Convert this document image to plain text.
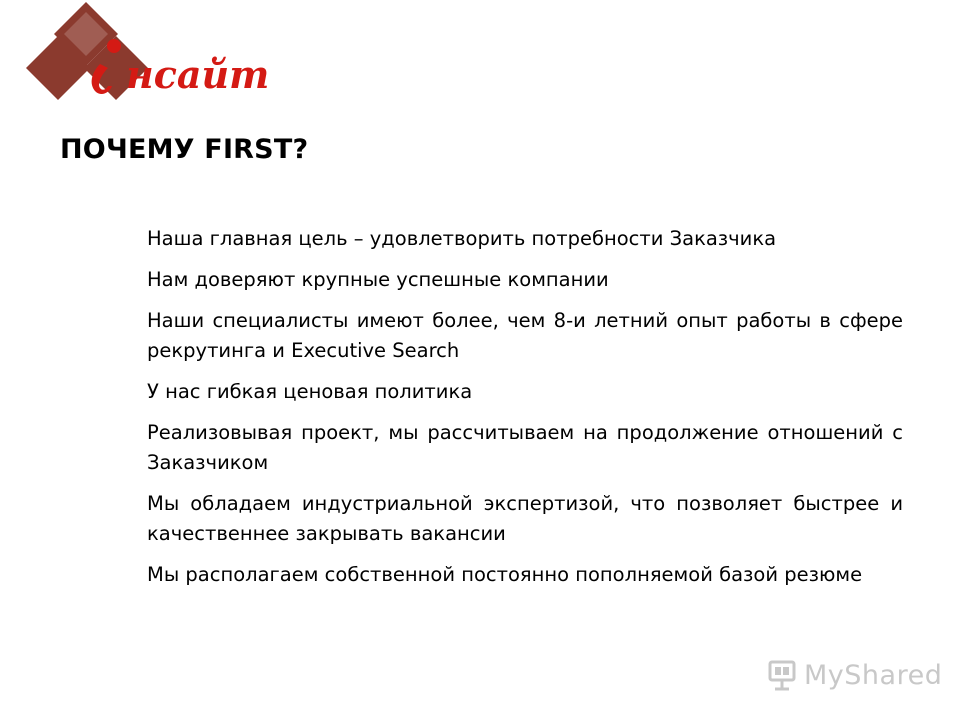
нсайт
ПОЧЕМУ FIRST?
Наша главная цель – удовлетворить потребности Заказчика
Нам доверяют крупные успешные компании
Наши специалисты имеют более, чем 8-и летний опыт работы в сфере рекрутинга и Executive Search
У нас гибкая ценовая политика
Реализовывая проект, мы рассчитываем на продолжение отношений с Заказчиком
Мы обладаем индустриальной экспертизой, что позволяет быстрее и качественнее закрывать вакансии
Мы располагаем собственной постоянно пополняемой базой резюме
MyShared
